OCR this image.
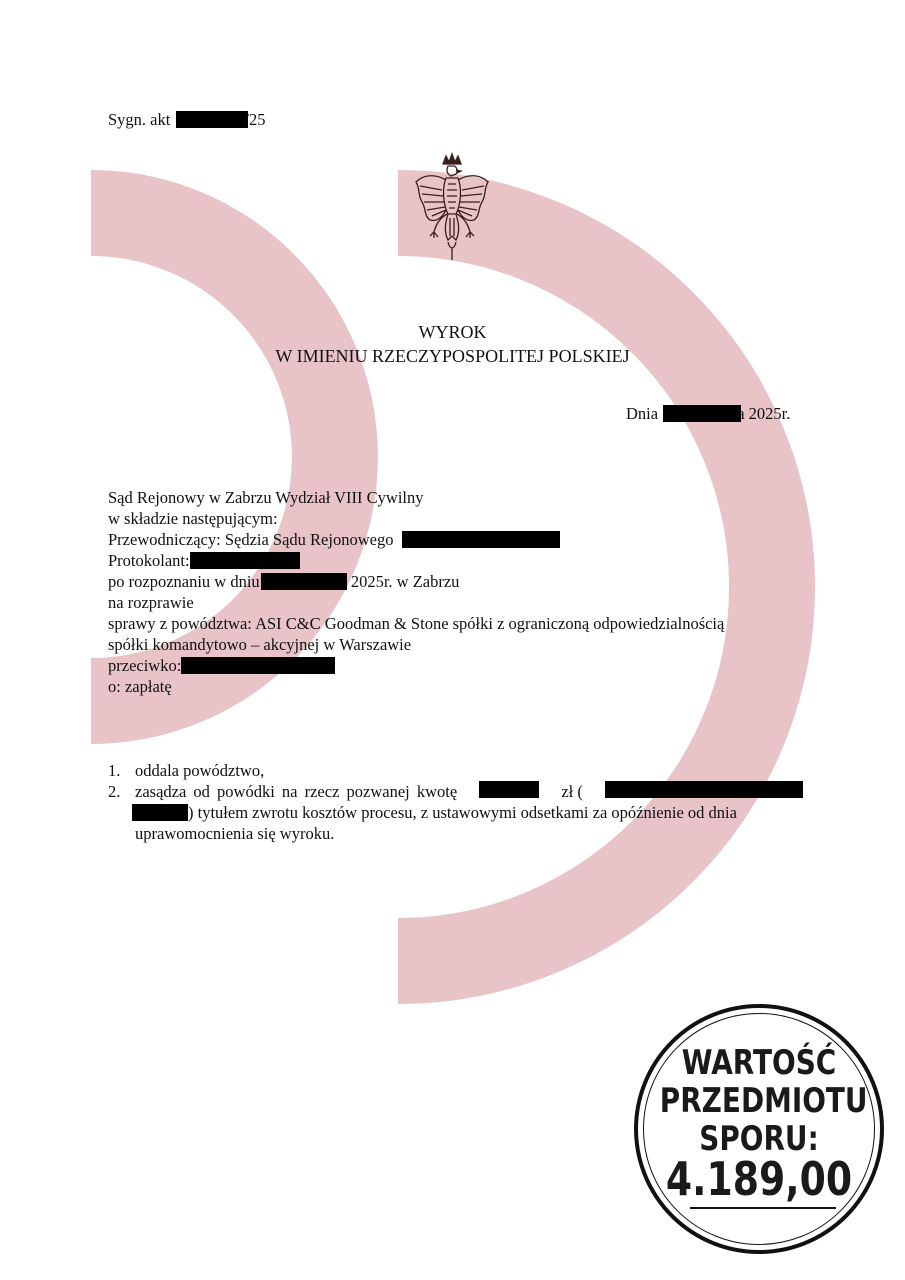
Sygn. akt	/25
WYROK
W IMIENIU RZECZYPOSPOLITEJ POLSKIEJ
Dnia	a 2025r.
Sąd Rejonowy w Zabrzu Wydział VIII Cywilny
w składzie następującym:
Przewodniczący: Sędzia Sądu Rejonowego
Protokolant:
po rozpoznaniu w dniu	2025r. w Zabrzu
na rozprawie
sprawy z powództwa: ASI C&C Goodman & Stone spółki z ograniczoną odpowiedzialnością
spółki komandytowo – akcyjnej w Warszawie
przeciwko:
o: zapłatę
1. oddala powództwo,
2. zasądza od powódki na rzecz pozwanej kwotę	zł (
) tytułem zwrotu kosztów procesu, z ustawowymi odsetkami za opóźnienie od dnia
uprawomocnienia się wyroku.
WARTOŚĆ
PRZEDMIOTU
SPORU:
4.189,00
